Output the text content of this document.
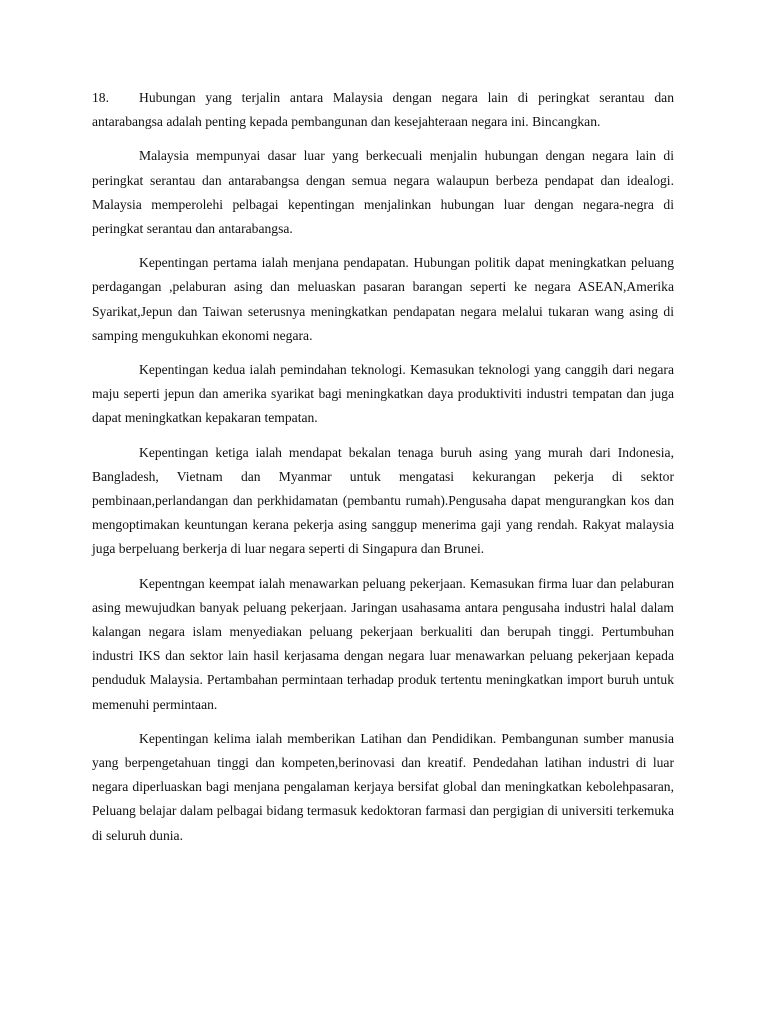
18. Hubungan yang terjalin antara Malaysia dengan negara lain di peringkat serantau dan antarabangsa adalah penting kepada pembangunan dan kesejahteraan negara ini. Bincangkan.

Malaysia mempunyai dasar luar yang berkecuali menjalin hubungan dengan negara lain di peringkat serantau dan antarabangsa dengan semua negara walaupun berbeza pendapat dan idealogi. Malaysia memperolehi pelbagai kepentingan menjalinkan hubungan luar dengan negara-negra di peringkat serantau dan antarabangsa.

Kepentingan pertama ialah menjana pendapatan. Hubungan politik dapat meningkatkan peluang perdagangan ,pelaburan asing dan meluaskan pasaran barangan seperti ke negara ASEAN,Amerika Syarikat,Jepun dan Taiwan seterusnya meningkatkan pendapatan negara melalui tukaran wang asing di samping mengukuhkan ekonomi negara.

Kepentingan kedua ialah pemindahan teknologi. Kemasukan teknologi yang canggih dari negara maju seperti jepun dan amerika syarikat bagi meningkatkan daya produktiviti industri tempatan dan juga dapat meningkatkan kepakaran tempatan.

Kepentingan ketiga ialah mendapat bekalan tenaga buruh asing yang murah dari Indonesia, Bangladesh, Vietnam dan Myanmar untuk mengatasi kekurangan pekerja di sektor pembinaan,perlandangan dan perkhidamatan (pembantu rumah).Pengusaha dapat mengurangkan kos dan mengoptimakan keuntungan kerana pekerja asing sanggup menerima gaji yang rendah. Rakyat malaysia juga berpeluang berkerja di luar negara seperti di Singapura dan Brunei.

Kepentngan keempat ialah menawarkan peluang pekerjaan. Kemasukan firma luar dan pelaburan asing mewujudkan banyak peluang pekerjaan. Jaringan usahasama antara pengusaha industri halal dalam kalangan negara islam menyediakan peluang pekerjaan berkualiti dan berupah tinggi. Pertumbuhan industri IKS dan sektor lain hasil kerjasama dengan negara luar menawarkan peluang pekerjaan kepada penduduk Malaysia. Pertambahan permintaan terhadap produk tertentu meningkatkan import buruh untuk memenuhi permintaan.

Kepentingan kelima ialah memberikan Latihan dan Pendidikan. Pembangunan sumber manusia yang berpengetahuan tinggi dan kompeten,berinovasi dan kreatif. Pendedahan latihan industri di luar negara diperluaskan bagi menjana pengalaman kerjaya bersifat global dan meningkatkan kebolehpasaran, Peluang belajar dalam pelbagai bidang termasuk kedoktoran farmasi dan pergigian di universiti terkemuka di seluruh dunia.
